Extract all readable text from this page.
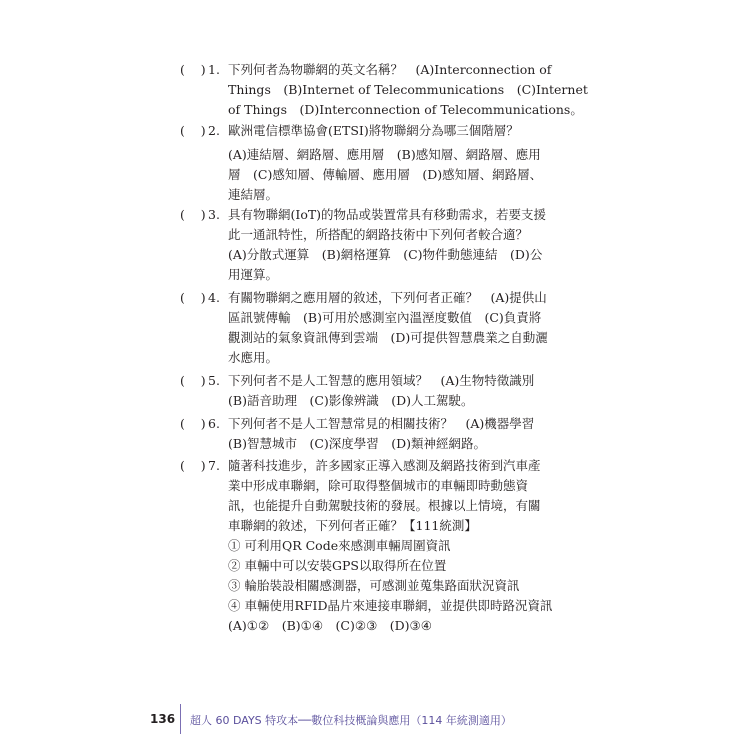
(    ) 1. 下列何者為物聯網的英文名稱？　(A)Interconnection of
Things　(B)Internet of Telecommunications　(C)Internet
of Things　(D)Interconnection of Telecommunications。
(    ) 2. 歐洲電信標準協會(ETSI)將物聯網分為哪三個階層？
(A)連結層、網路層、應用層　(B)感知層、網路層、應用
層　(C)感知層、傳輸層、應用層　(D)感知層、網路層、
連結層。
(    ) 3. 具有物聯網(IoT)的物品或裝置常具有移動需求，若要支援
此一通訊特性，所搭配的網路技術中下列何者較合適？
(A)分散式運算　(B)網格運算　(C)物件動態連結　(D)公
用運算。
(    ) 4. 有關物聯網之應用層的敘述，下列何者正確？　(A)提供山
區訊號傳輸　(B)可用於感測室內溫溼度數值　(C)負責將
觀測站的氣象資訊傳到雲端　(D)可提供智慧農業之自動灑
水應用。
(    ) 5. 下列何者不是人工智慧的應用領域？　(A)生物特徵識別
(B)語音助理　(C)影像辨識　(D)人工駕駛。
(    ) 6. 下列何者不是人工智慧常見的相關技術？　(A)機器學習
(B)智慧城市　(C)深度學習　(D)類神經網路。
(    ) 7. 隨著科技進步，許多國家正導入感測及網路技術到汽車產
業中形成車聯網，除可取得整個城市的車輛即時動態資
訊，也能提升自動駕駛技術的發展。根據以上情境，有關
車聯網的敘述，下列何者正確？【111統測】
① 可利用QR Code來感測車輛周圍資訊
② 車輛中可以安裝GPS以取得所在位置
③ 輪胎裝設相關感測器，可感測並蒐集路面狀況資訊
④ 車輛使用RFID晶片來連接車聯網，並提供即時路況資訊
(A)①②　(B)①④　(C)②③　(D)③④
136 超人 60 DAYS 特攻本──數位科技概論與應用（114 年統測適用）
